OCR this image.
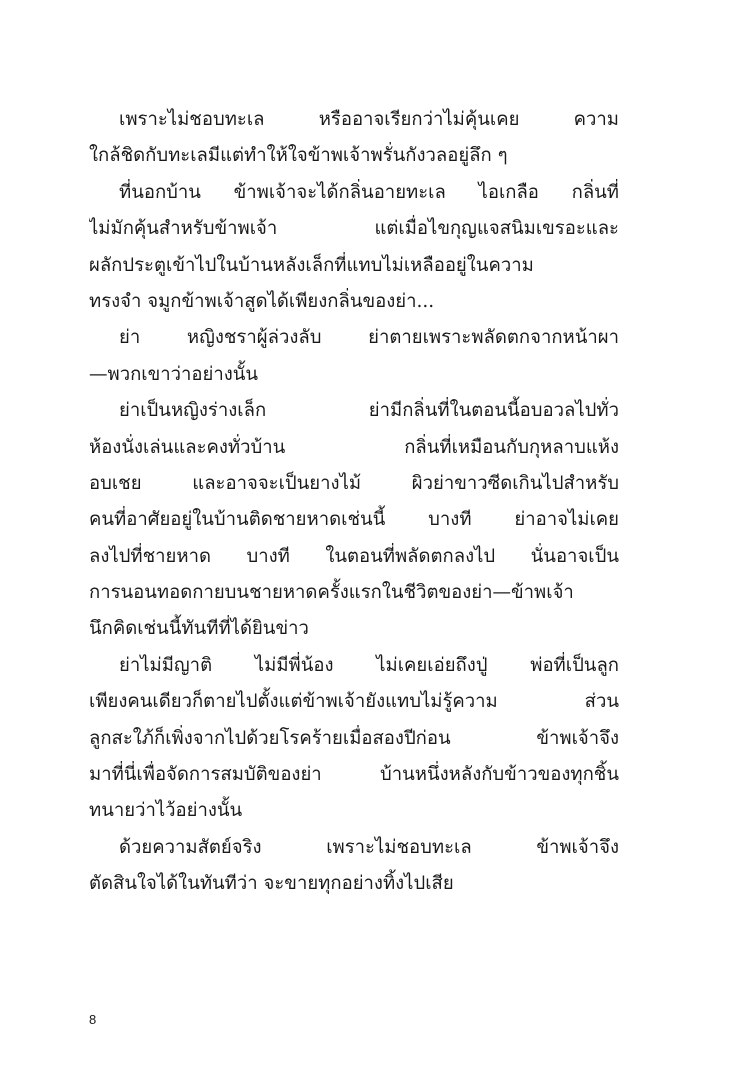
เพราะไม่ชอบทะเล หรืออาจเรียกว่าไม่คุ้นเคย ความ
ใกล้ชิดกับทะเลมีแต่ทำให้ใจข้าพเจ้าพรั่นกังวลอยู่ลึก ๆ
ที่นอกบ้าน ข้าพเจ้าจะได้กลิ่นอายทะเล ไอเกลือ กลิ่นที่
ไม่มักคุ้นสำหรับข้าพเจ้า แต่เมื่อไขกุญแจสนิมเขรอะและ
ผลักประตูเข้าไปในบ้านหลังเล็กที่แทบไม่เหลืออยู่ในความ
ทรงจำ จมูกข้าพเจ้าสูดได้เพียงกลิ่นของย่า...
ย่า หญิงชราผู้ล่วงลับ ย่าตายเพราะพลัดตกจากหน้าผา
—พวกเขาว่าอย่างนั้น
ย่าเป็นหญิงร่างเล็ก ย่ามีกลิ่นที่ในตอนนี้อบอวลไปทั่ว
ห้องนั่งเล่นและคงทั่วบ้าน กลิ่นที่เหมือนกับกุหลาบแห้ง
อบเชย และอาจจะเป็นยางไม้ ผิวย่าขาวซีดเกินไปสำหรับ
คนที่อาศัยอยู่ในบ้านติดชายหาดเช่นนี้ บางที ย่าอาจไม่เคย
ลงไปที่ชายหาด บางที ในตอนที่พลัดตกลงไป นั่นอาจเป็น
การนอนทอดกายบนชายหาดครั้งแรกในชีวิตของย่า—ข้าพเจ้า
นึกคิดเช่นนี้ทันทีที่ได้ยินข่าว
ย่าไม่มีญาติ ไม่มีพี่น้อง ไม่เคยเอ่ยถึงปู่ พ่อที่เป็นลูก
เพียงคนเดียวก็ตายไปตั้งแต่ข้าพเจ้ายังแทบไม่รู้ความ ส่วน
ลูกสะใภ้ก็เพิ่งจากไปด้วยโรคร้ายเมื่อสองปีก่อน ข้าพเจ้าจึง
มาที่นี่เพื่อจัดการสมบัติของย่า บ้านหนึ่งหลังกับข้าวของทุกชิ้น
ทนายว่าไว้อย่างนั้น
ด้วยความสัตย์จริง เพราะไม่ชอบทะเล ข้าพเจ้าจึง
ตัดสินใจได้ในทันทีว่า จะขายทุกอย่างทิ้งไปเสีย
8
